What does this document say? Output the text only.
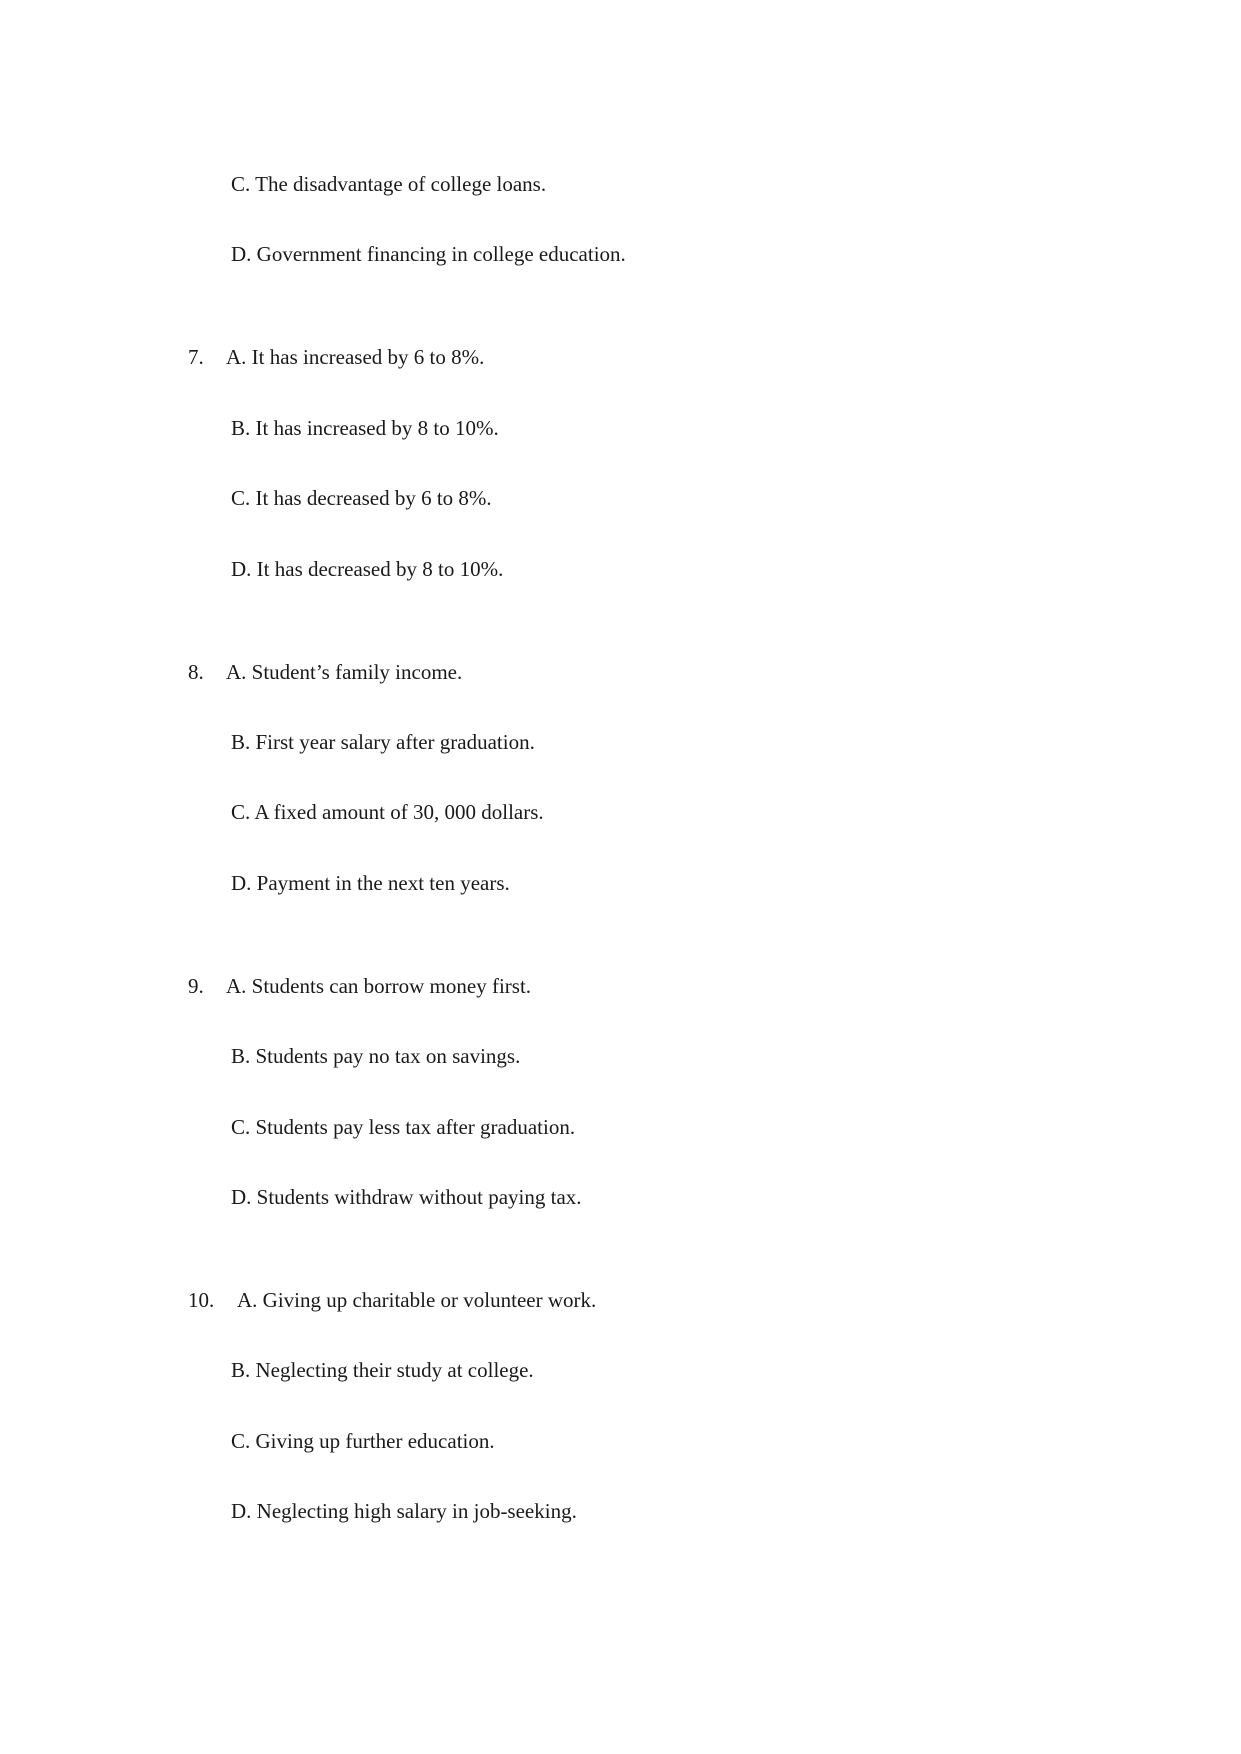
C. The disadvantage of college loans.
D. Government financing in college education.
7. A. It has increased by 6 to 8%.
B. It has increased by 8 to 10%.
C. It has decreased by 6 to 8%.
D. It has decreased by 8 to 10%.
8. A. Student’s family income.
B. First year salary after graduation.
C. A fixed amount of 30, 000 dollars.
D. Payment in the next ten years.
9. A. Students can borrow money first.
B. Students pay no tax on savings.
C. Students pay less tax after graduation.
D. Students withdraw without paying tax.
10. A. Giving up charitable or volunteer work.
B. Neglecting their study at college.
C. Giving up further education.
D. Neglecting high salary in job-seeking.
